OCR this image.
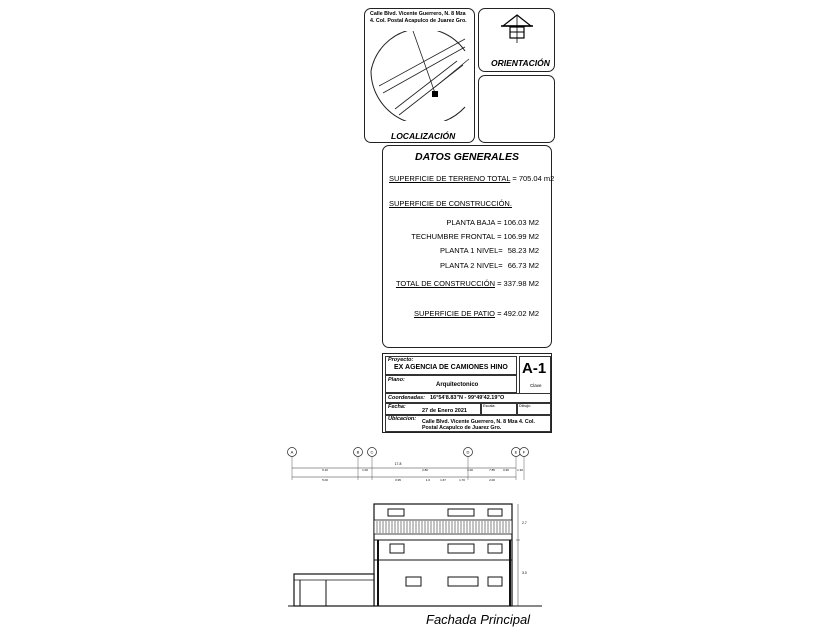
Calle Blvd. Vicente Guerrero, N. 8 Mza 4. Col. Postal Acapulco de Juarez Gro.
LOCALIZACIÓN
ORIENTACIÓN
DATOS GENERALES
SUPERFICIE DE TERRENO TOTAL = 705.04 m2
SUPERFICIE DE CONSTRUCCIÓN.
PLANTA BAJA = 106.03 M2
TECHUMBRE FRONTAL = 106.99 M2
PLANTA 1 NIVEL= 58.23 M2
PLANTA 2 NIVEL= 66.73 M2
TOTAL DE CONSTRUCCIÓN = 337.98 M2
SUPERFICIE DE PATIO = 492.02 M2
Proyecto:
EX AGENCIA DE CAMIONES HINO A-1
Clave
Plano:
Arquitectonico
Coordenadas: 16°54'8.83"N - 99°49'42.19"O
Fecha:
27 de Enero 2021
Escala:	Dibujo:
Ubicacion: Calle Blvd. Vicente Guerrero, N. 8 Mza 4. Col.
Postal Acapulco de Juarez Gro.
A	B	C	D	E F
6.10	1.00	2.80	1.00	7.85	0.90	1.30
17.8
5.00	0.95	1.0	1.67	1.70	2.00
2.7
3.0
Fachada Principal
